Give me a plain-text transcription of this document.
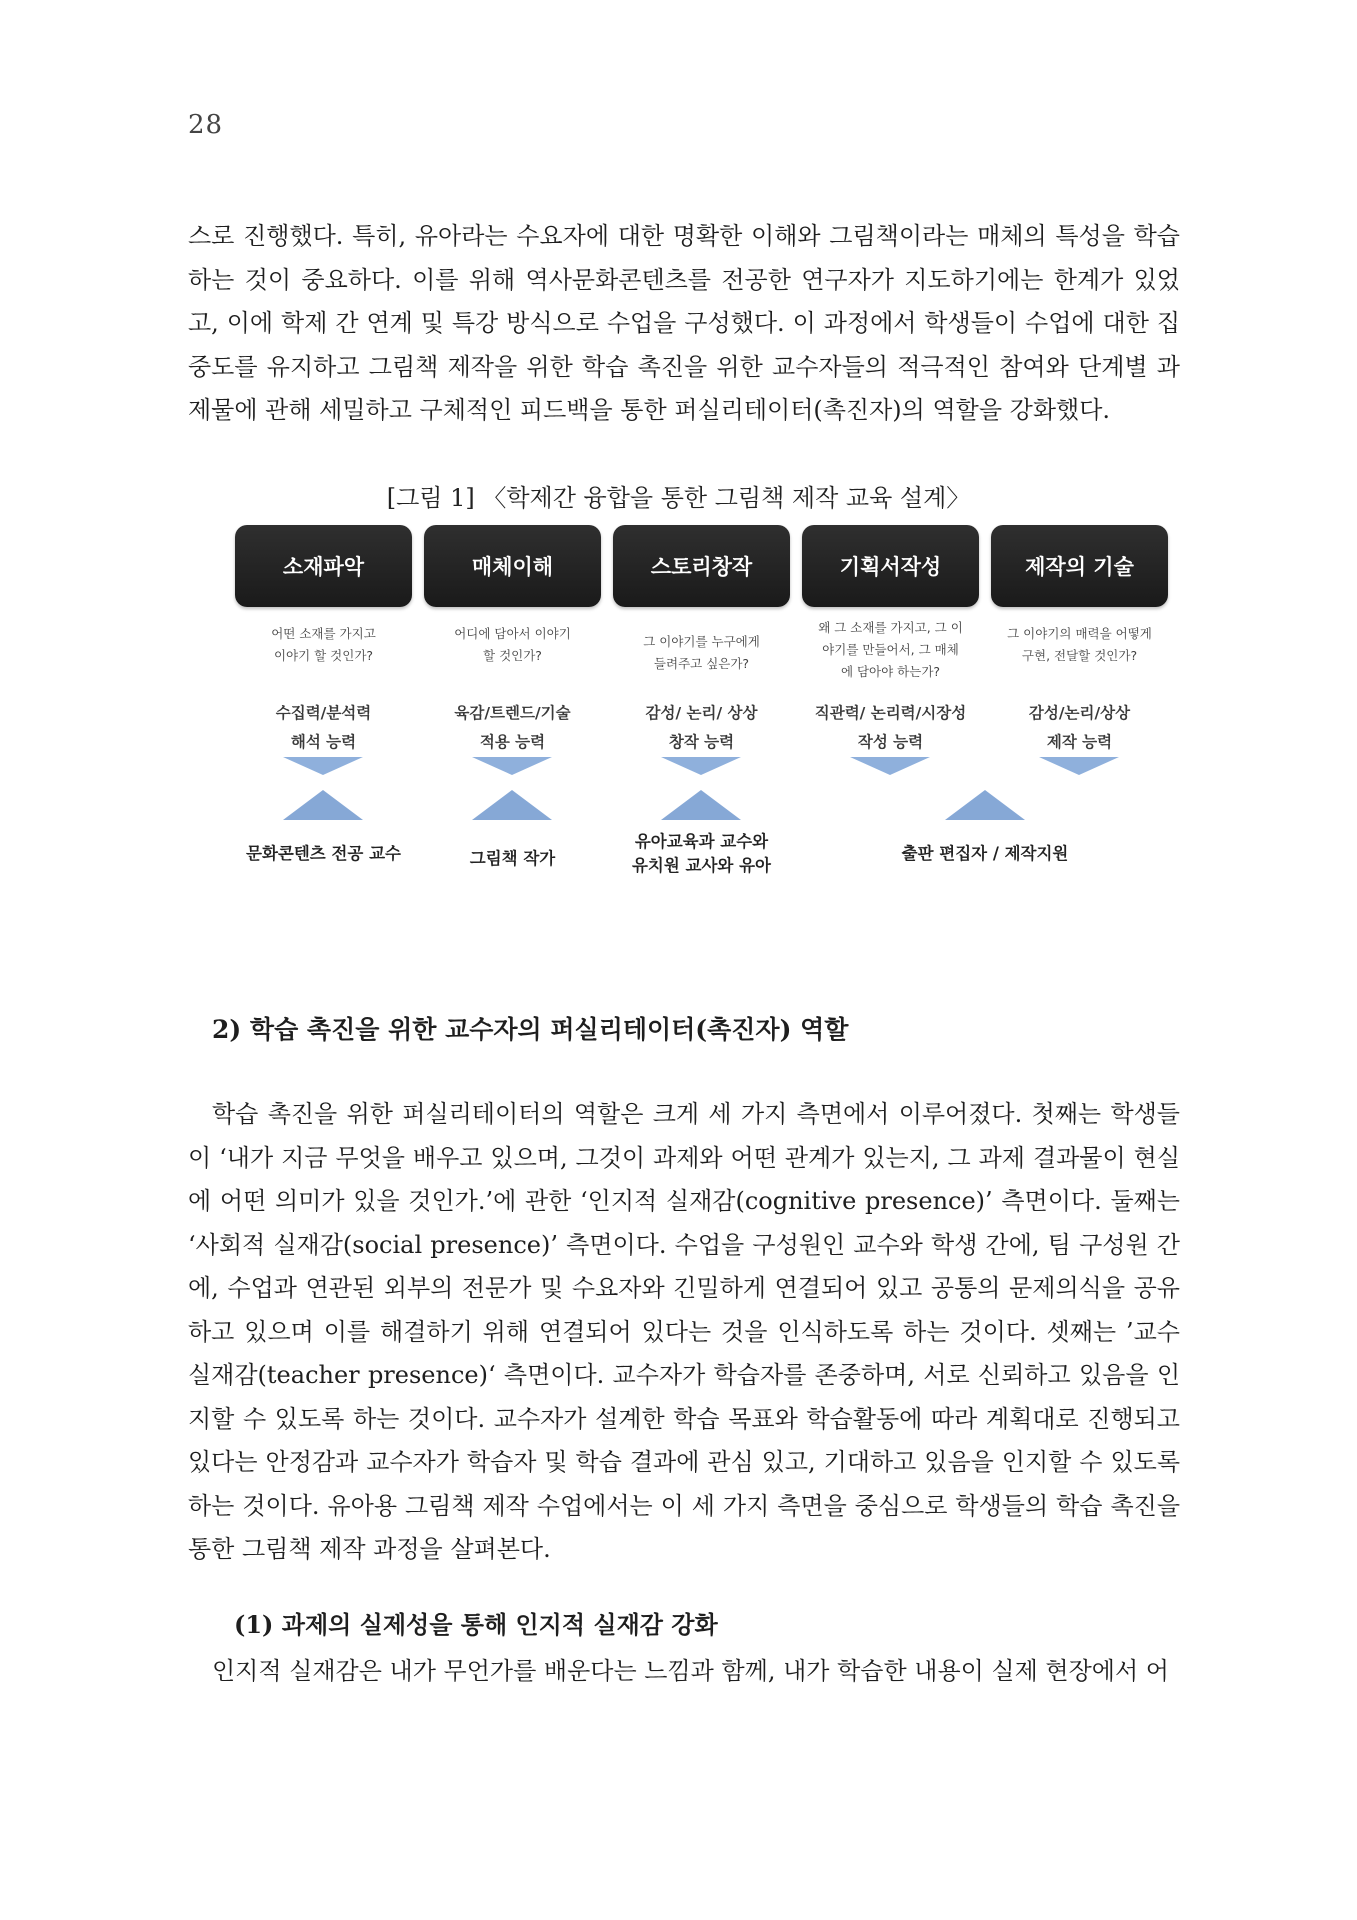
28
스로 진행했다. 특히, 유아라는 수요자에 대한 명확한 이해와 그림책이라는 매체의 특성을 학습하는 것이 중요하다. 이를 위해 역사문화콘텐츠를 전공한 연구자가 지도하기에는 한계가 있었고, 이에 학제 간 연계 및 특강 방식으로 수업을 구성했다. 이 과정에서 학생들이 수업에 대한 집중도를 유지하고 그림책 제작을 위한 학습 촉진을 위한 교수자들의 적극적인 참여와 단계별 과제물에 관해 세밀하고 구체적인 피드백을 통한 퍼실리테이터(촉진자)의 역할을 강화했다.
[그림 1] 〈학제간 융합을 통한 그림책 제작 교육 설계〉
소재파악	매체이해	스토리창작	기획서작성	제작의 기술
어떤 소재를 가지고
이야기 할 것인가?
어디에 담아서 이야기
할 것인가?
그 이야기를 누구에게
들려주고 싶은가?
왜 그 소재를 가지고, 그 이
야기를 만들어서, 그 매체
에 담아야 하는가?
그 이야기의 매력을 어떻게
구현, 전달할 것인가?
수집력/분석력
해석 능력
육감/트렌드/기술
적용 능력
감성/ 논리/ 상상
창작 능력
직관력/ 논리력/시장성
작성 능력
감성/논리/상상
제작 능력
문화콘텐츠 전공 교수	그림책 작가
유아교육과 교수와
유치원 교사와 유아
출판 편집자 / 제작지원
2) 학습 촉진을 위한 교수자의 퍼실리테이터(촉진자) 역할
학습 촉진을 위한 퍼실리테이터의 역할은 크게 세 가지 측면에서 이루어졌다. 첫째는 학생들이 ‘내가 지금 무엇을 배우고 있으며, 그것이 과제와 어떤 관계가 있는지, 그 과제 결과물이 현실에 어떤 의미가 있을 것인가.’에 관한 ‘인지적 실재감(cognitive presence)’ 측면이다. 둘째는 ‘사회적 실재감(social presence)’ 측면이다. 수업을 구성원인 교수와 학생 간에, 팀 구성원 간에, 수업과 연관된 외부의 전문가 및 수요자와 긴밀하게 연결되어 있고 공통의 문제의식을 공유하고 있으며 이를 해결하기 위해 연결되어 있다는 것을 인식하도록 하는 것이다. 셋째는 ’교수 실재감(teacher presence)‘ 측면이다. 교수자가 학습자를 존중하며, 서로 신뢰하고 있음을 인지할 수 있도록 하는 것이다. 교수자가 설계한 학습 목표와 학습활동에 따라 계획대로 진행되고 있다는 안정감과 교수자가 학습자 및 학습 결과에 관심 있고, 기대하고 있음을 인지할 수 있도록 하는 것이다. 유아용 그림책 제작 수업에서는 이 세 가지 측면을 중심으로 학생들의 학습 촉진을 통한 그림책 제작 과정을 살펴본다.
(1) 과제의 실제성을 통해 인지적 실재감 강화
인지적 실재감은 내가 무언가를 배운다는 느낌과 함께, 내가 학습한 내용이 실제 현장에서 어
